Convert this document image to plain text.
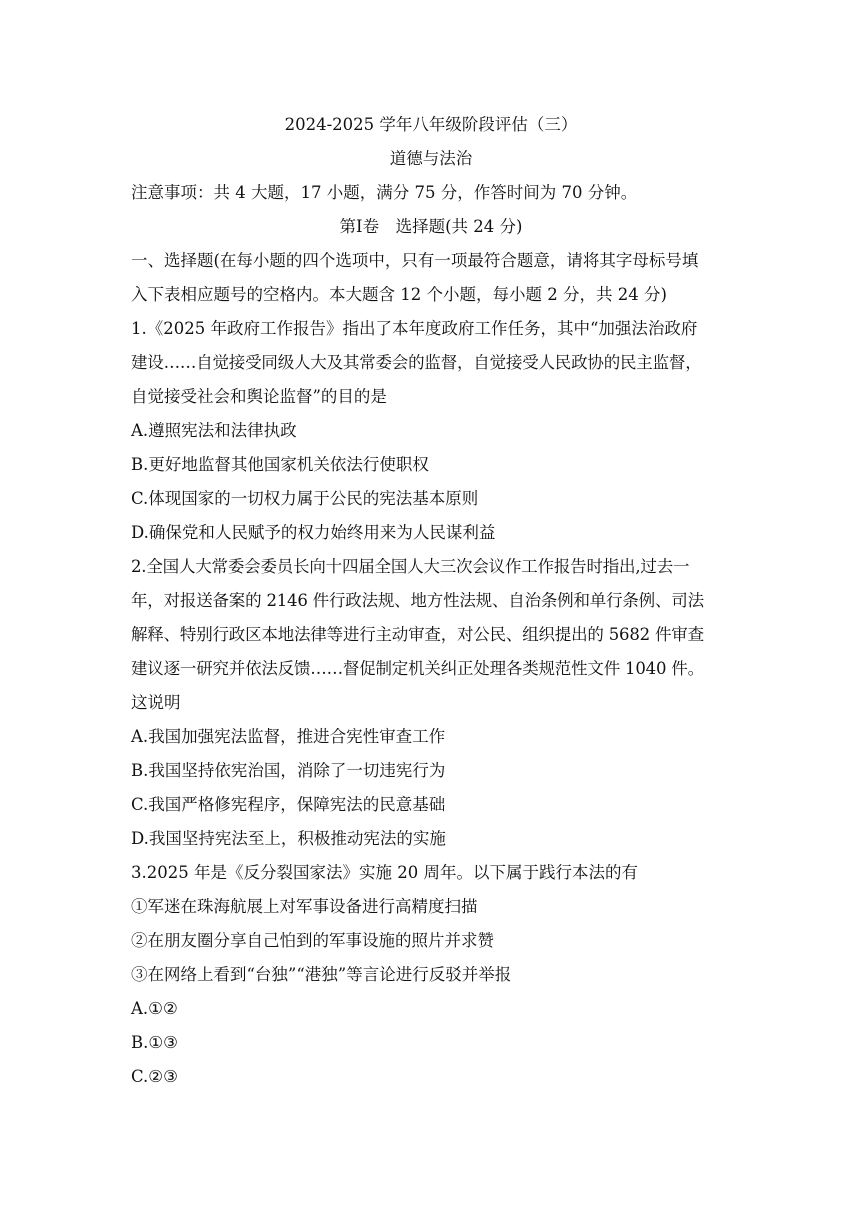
2024-2025 学年八年级阶段评估（三）

道德与法治

注意事项：共 4 大题，17 小题，满分 75 分，作答时间为 70 分钟。

第Ⅰ卷　选择题(共 24 分)

一、选择题(在每小题的四个选项中，只有一项最符合题意，请将其字母标号填

入下表相应题号的空格内。本大题含 12 个小题，每小题 2 分，共 24 分)

1.《2025 年政府工作报告》指出了本年度政府工作任务，其中“加强法治政府

建设……自觉接受同级人大及其常委会的监督，自觉接受人民政协的民主监督，

自觉接受社会和舆论监督”的目的是

A.遵照宪法和法律执政

B.更好地监督其他国家机关依法行使职权

C.体现国家的一切权力属于公民的宪法基本原则

D.确保党和人民赋予的权力始终用来为人民谋利益

2.全国人大常委会委员长向十四届全国人大三次会议作工作报告时指出,过去一

年，对报送备案的 2146 件行政法规、地方性法规、自治条例和单行条例、司法

解释、特别行政区本地法律等进行主动审查，对公民、组织提出的 5682 件审查

建议逐一研究并依法反馈……督促制定机关纠正处理各类规范性文件 1040 件。

这说明

A.我国加强宪法监督，推进合宪性审查工作

B.我国坚持依宪治国，消除了一切违宪行为

C.我国严格修宪程序，保障宪法的民意基础

D.我国坚持宪法至上，积极推动宪法的实施

3.2025 年是《反分裂国家法》实施 20 周年。以下属于践行本法的有

①军迷在珠海航展上对军事设备进行高精度扫描

②在朋友圈分享自己怕到的军事设施的照片并求赞

③在网络上看到“台独”“港独”等言论进行反驳并举报

A.①②

B.①③

C.②③
